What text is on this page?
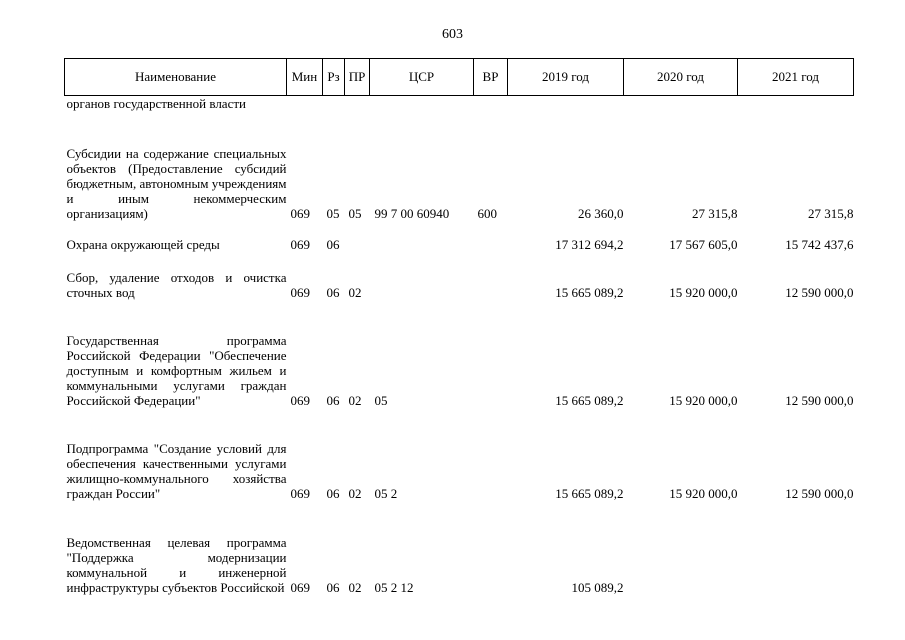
603
Наименование	Мин	Рз	ПР	ЦСР	ВР	2019 год	2020 год	2021 год
органов государственной власти								
Субсидии на содержание специальных объектов (Предоставление субсидий бюджетным, автономным учреждениям и иным некоммерческим организациям)	069	05	05	99 7 00 60940	600	26 360,0	27 315,8	27 315,8
Охрана окружающей среды	069	06				17 312 694,2	17 567 605,0	15 742 437,6
Сбор, удаление отходов и очистка сточных вод	069	06	02			15 665 089,2	15 920 000,0	12 590 000,0
Государственная программа Российской Федерации "Обеспечение доступным и комфортным жильем и коммунальными услугами граждан Российской Федерации"	069	06	02	05		15 665 089,2	15 920 000,0	12 590 000,0
Подпрограмма "Создание условий для обеспечения качественными услугами жилищно-коммунального хозяйства граждан России"	069	06	02	05 2		15 665 089,2	15 920 000,0	12 590 000,0
Ведомственная целевая программа "Поддержка модернизации коммунальной и инженерной инфраструктуры субъектов Российской	069	06	02	05 2 12		105 089,2		
